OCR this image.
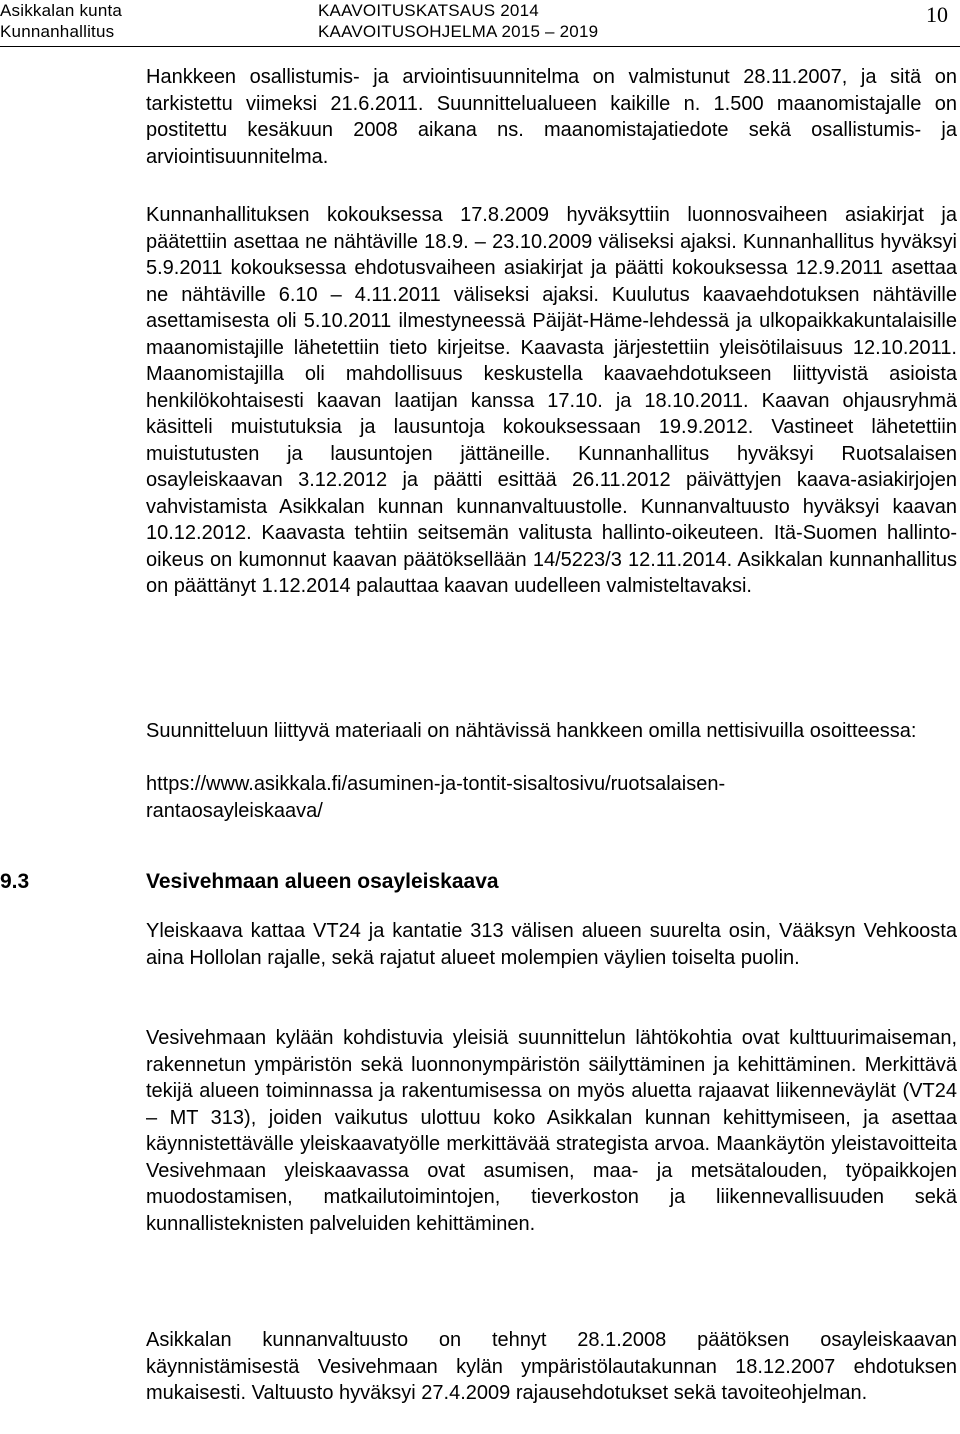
Asikkalan kunta
Kunnanhallitus
KAAVOITUSKATSAUS 2014
KAAVOITUSOHJELMA 2015 – 2019
10

Hankkeen osallistumis- ja arviointisuunnitelma on valmistunut 28.11.2007, ja sitä on tarkistettu viimeksi 21.6.2011. Suunnittelualueen kaikille n. 1.500 maanomistajalle on postitettu kesäkuun 2008 aikana ns. maanomistajatiedote sekä osallistumis- ja arviointisuunnitelma.

Kunnanhallituksen kokouksessa 17.8.2009 hyväksyttiin luonnosvaiheen asiakirjat ja päätettiin asettaa ne nähtäville 18.9. – 23.10.2009 väliseksi ajaksi. Kunnanhallitus hyväksyi 5.9.2011 kokouksessa ehdotusvaiheen asiakirjat ja päätti kokouksessa 12.9.2011 asettaa ne nähtäville 6.10 – 4.11.2011 väliseksi ajaksi. Kuulutus kaavaehdotuksen nähtäville asettamisesta oli 5.10.2011 ilmestyneessä Päijät-Häme-lehdessä ja ulkopaikkakuntalaisille maanomistajille lähetettiin tieto kirjeitse. Kaavasta järjestettiin yleisötilaisuus 12.10.2011. Maanomistajilla oli mahdollisuus keskustella kaavaehdotukseen liittyvistä asioista henkilökohtaisesti kaavan laatijan kanssa 17.10. ja 18.10.2011. Kaavan ohjausryhmä käsitteli muistutuksia ja lausuntoja kokouksessaan 19.9.2012. Vastineet lähetettiin muistutusten ja lausuntojen jättäneille. Kunnanhallitus hyväksyi Ruotsalaisen osayleiskaavan 3.12.2012 ja päätti esittää 26.11.2012 päivättyjen kaava-asiakirjojen vahvistamista Asikkalan kunnan kunnanvaltuustolle. Kunnanvaltuusto hyväksyi kaavan 10.12.2012. Kaavasta tehtiin seitsemän valitusta hallinto-oikeuteen. Itä-Suomen hallinto-oikeus on kumonnut kaavan päätöksellään 14/5223/3 12.11.2014. Asikkalan kunnanhallitus on päättänyt 1.12.2014 palauttaa kaavan uudelleen valmisteltavaksi.

Suunnitteluun liittyvä materiaali on nähtävissä hankkeen omilla nettisivuilla osoitteessa:

https://www.asikkala.fi/asuminen-ja-tontit-sisaltosivu/ruotsalaisen-
rantaosayleiskaava/
9.3	Vesivehmaan alueen osayleiskaava

Yleiskaava kattaa VT24 ja kantatie 313 välisen alueen suurelta osin, Vääksyn Vehkoosta aina Hollolan rajalle, sekä rajatut alueet molempien väylien toiselta puolin.

Vesivehmaan kylään kohdistuvia yleisiä suunnittelun lähtökohtia ovat kulttuurimaiseman, rakennetun ympäristön sekä luonnonympäristön säilyttäminen ja kehittäminen. Merkittävä tekijä alueen toiminnassa ja rakentumisessa on myös aluetta rajaavat liikenneväylät (VT24 – MT 313), joiden vaikutus ulottuu koko Asikkalan kunnan kehittymiseen, ja asettaa käynnistettävälle yleiskaavatyölle merkittävää strategista arvoa. Maankäytön yleistavoitteita Vesivehmaan yleiskaavassa ovat asumisen, maa- ja metsätalouden, työpaikkojen muodostamisen, matkailutoimintojen, tieverkoston ja liikennevallisuuden sekä kunnallisteknisten palveluiden kehittäminen.

Asikkalan kunnanvaltuusto on tehnyt 28.1.2008 päätöksen osayleiskaavan käynnistämisestä Vesivehmaan kylän ympäristölautakunnan 18.12.2007 ehdotuksen mukaisesti. Valtuusto hyväksyi 27.4.2009 rajausehdotukset sekä tavoiteohjelman.
